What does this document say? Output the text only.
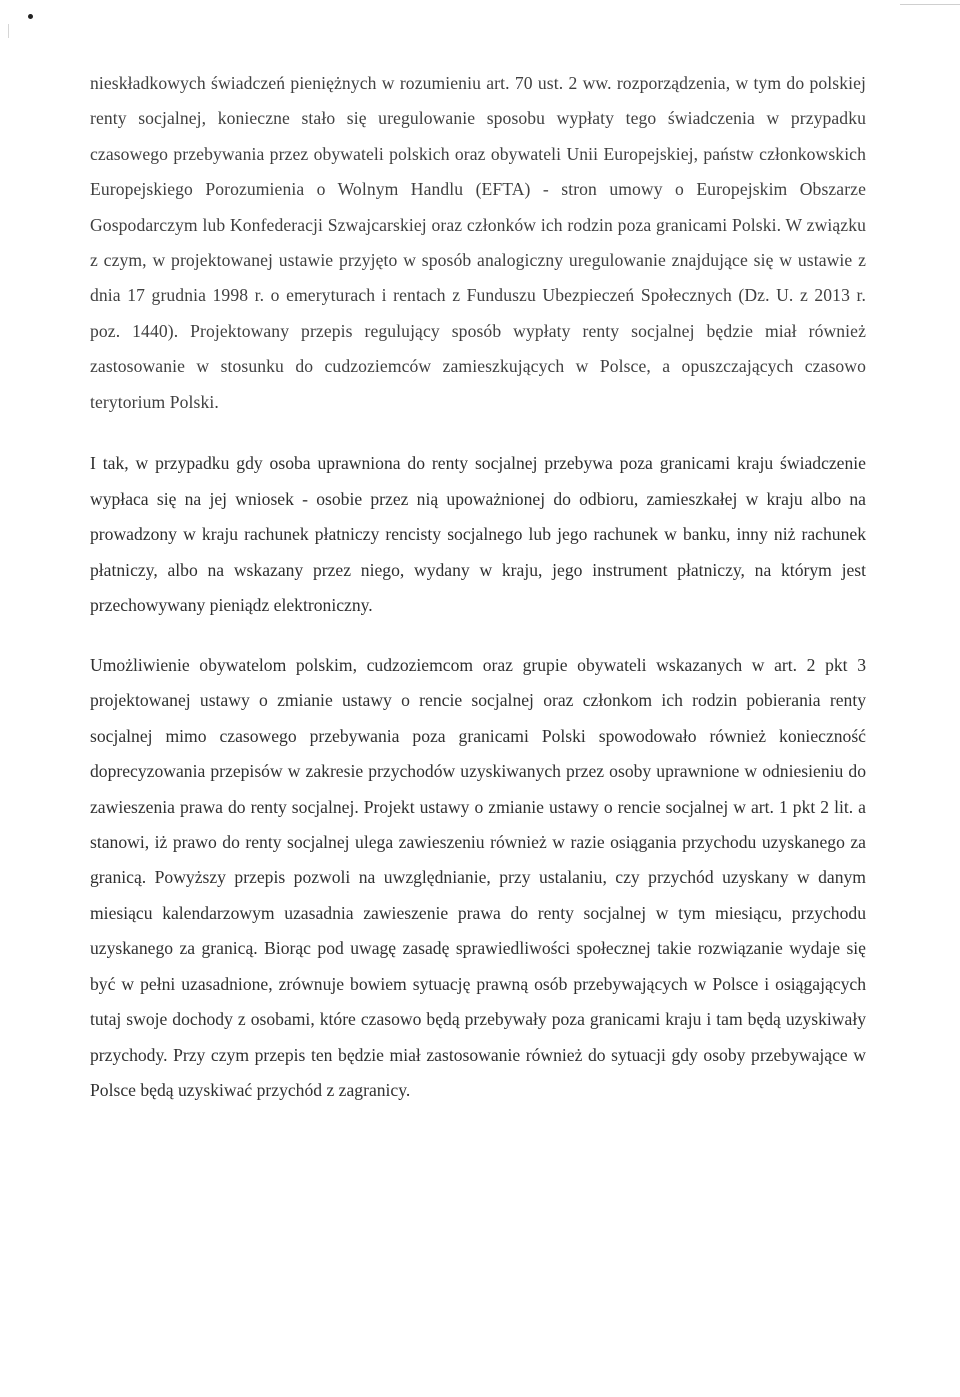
nieskładkowych świadczeń pieniężnych w rozumieniu art. 70 ust. 2 ww. rozporządzenia, w tym do polskiej renty socjalnej, konieczne stało się uregulowanie sposobu wypłaty tego świadczenia w przypadku czasowego przebywania przez obywateli polskich oraz obywateli Unii Europejskiej, państw członkowskich Europejskiego Porozumienia o Wolnym Handlu (EFTA) - stron umowy o Europejskim Obszarze Gospodarczym lub Konfederacji Szwajcarskiej oraz członków ich rodzin poza granicami Polski. W związku z czym, w projektowanej ustawie przyjęto w sposób analogiczny uregulowanie znajdujące się w ustawie z dnia 17 grudnia 1998 r. o emeryturach i rentach z Funduszu Ubezpieczeń Społecznych (Dz. U. z 2013 r. poz. 1440). Projektowany przepis regulujący sposób wypłaty renty socjalnej będzie miał również zastosowanie w stosunku do cudzoziemców zamieszkujących w Polsce, a opuszczających czasowo terytorium Polski.

I tak, w przypadku gdy osoba uprawniona do renty socjalnej przebywa poza granicami kraju świadczenie wypłaca się na jej wniosek - osobie przez nią upoważnionej do odbioru, zamieszkałej w kraju albo na prowadzony w kraju rachunek płatniczy rencisty socjalnego lub jego rachunek w banku, inny niż rachunek płatniczy, albo na wskazany przez niego, wydany w kraju, jego instrument płatniczy, na którym jest przechowywany pieniądz elektroniczny.

Umożliwienie obywatelom polskim, cudzoziemcom oraz grupie obywateli wskazanych w art. 2 pkt 3 projektowanej ustawy o zmianie ustawy o rencie socjalnej oraz członkom ich rodzin pobierania renty socjalnej mimo czasowego przebywania poza granicami Polski spowodowało również konieczność doprecyzowania przepisów w zakresie przychodów uzyskiwanych przez osoby uprawnione w odniesieniu do zawieszenia prawa do renty socjalnej. Projekt ustawy o zmianie ustawy o rencie socjalnej w art. 1 pkt 2 lit. a stanowi, iż prawo do renty socjalnej ulega zawieszeniu również w razie osiągania przychodu uzyskanego za granicą. Powyższy przepis pozwoli na uwzględnianie, przy ustalaniu, czy przychód uzyskany w danym miesiącu kalendarzowym uzasadnia zawieszenie prawa do renty socjalnej w tym miesiącu, przychodu uzyskanego za granicą. Biorąc pod uwagę zasadę sprawiedliwości społecznej takie rozwiązanie wydaje się być w pełni uzasadnione, zrównuje bowiem sytuację prawną osób przebywających w Polsce i osiągających tutaj swoje dochody z osobami, które czasowo będą przebywały poza granicami kraju i tam będą uzyskiwały przychody. Przy czym przepis ten będzie miał zastosowanie również do sytuacji gdy osoby przebywające w Polsce będą uzyskiwać przychód z zagranicy.
